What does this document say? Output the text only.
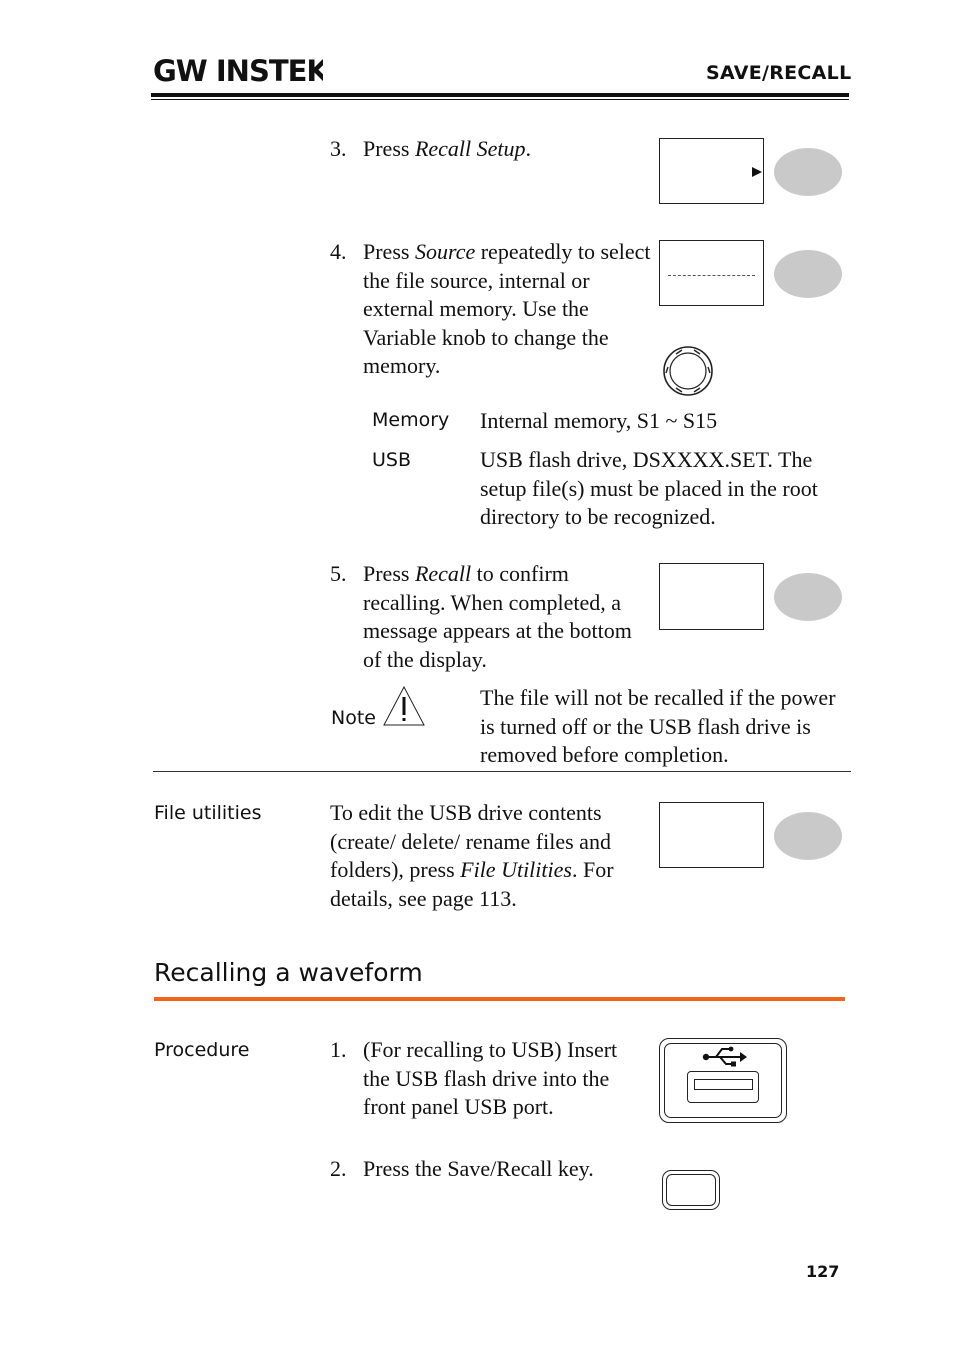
GW INSTEK	SAVE/RECALL
3. Press Recall Setup.
4. Press Source repeatedly to select the file source, internal or external memory. Use the Variable knob to change the memory.
Memory Internal memory, S1 ~ S15
USB	USB flash drive, DSXXXX.SET. The setup file(s) must be placed in the root directory to be recognized.
5. Press Recall to confirm recalling. When completed, a message appears at the bottom of the display.
Note
The file will not be recalled if the power is turned off or the USB flash drive is removed before completion.
File utilities	To edit the USB drive contents (create/ delete/ rename files and folders), press File Utilities. For details, see page 113.
Recalling a waveform
Procedure	1. (For recalling to USB) Insert the USB flash drive into the front panel USB port.
2. Press the Save/Recall key.
127
